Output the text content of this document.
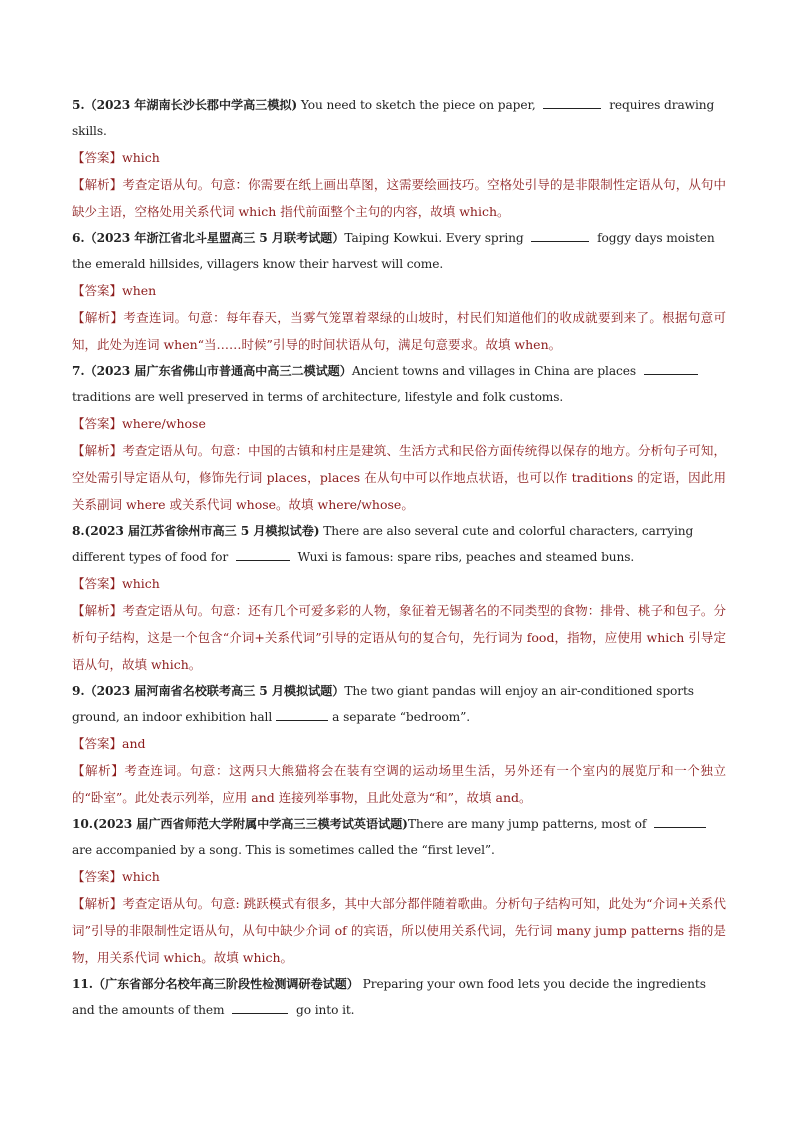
5.（2023 年湖南长沙长郡中学高三模拟) You need to sketch the piece on paper,	requires drawing skills.
【答案】which
【解析】考查定语从句。句意：你需要在纸上画出草图，这需要绘画技巧。空格处引导的是非限制性定语从句，从句中缺少主语，空格处用关系代词 which 指代前面整个主句的内容，故填 which。
6.（2023 年浙江省北斗星盟高三 5 月联考试题）Taiping Kowkui. Every spring	foggy days moisten the emerald hillsides, villagers know their harvest will come.
【答案】when
【解析】考查连词。句意：每年春天，当雾气笼罩着翠绿的山坡时，村民们知道他们的收成就要到来了。根据句意可知，此处为连词 when“当……时候”引导的时间状语从句，满足句意要求。故填 when。
7.（2023 届广东省佛山市普通高中高三二模试题）Ancient towns and villages in China are places  traditions are well preserved in terms of architecture, lifestyle and folk customs.
【答案】where/whose
【解析】考查定语从句。句意：中国的古镇和村庄是建筑、生活方式和民俗方面传统得以保存的地方。分析句子可知，空处需引导定语从句，修饰先行词 places，places 在从句中可以作地点状语，也可以作 traditions 的定语，因此用关系副词 where 或关系代词 whose。故填 where/whose。
8.(2023 届江苏省徐州市高三 5 月模拟试卷) There are also several cute and colorful characters, carrying different types of food for	Wuxi is famous: spare ribs, peaches and steamed buns.
【答案】which
【解析】考查定语从句。句意：还有几个可爱多彩的人物，象征着无锡著名的不同类型的食物：排骨、桃子和包子。分析句子结构，这是一个包含“介词+关系代词”引导的定语从句的复合句，先行词为 food，指物，应使用 which 引导定语从句，故填 which。
9.（2023 届河南省名校联考高三 5 月模拟试题）The two giant pandas will enjoy an air-conditioned sports ground, an indoor exhibition hall	a separate “bedroom”.
【答案】and
【解析】考查连词。句意：这两只大熊猫将会在装有空调的运动场里生活，另外还有一个室内的展览厅和一个独立的“卧室”。此处表示列举，应用 and 连接列举事物，且此处意为“和”，故填 and。
10.(2023 届广西省师范大学附属中学高三三模考试英语试题)There are many jump patterns, most of  are accompanied by a song. This is sometimes called the “first level”.
【答案】which
【解析】考查定语从句。句意: 跳跃模式有很多，其中大部分都伴随着歌曲。分析句子结构可知，此处为“介词+关系代词”引导的非限制性定语从句，从句中缺少介词 of 的宾语，所以使用关系代词，先行词 many jump patterns 指的是物，用关系代词 which。故填 which。
11.（广东省部分名校年高三阶段性检测调研卷试题） Preparing your own food lets you decide the ingredients and the amounts of them	go into it.
